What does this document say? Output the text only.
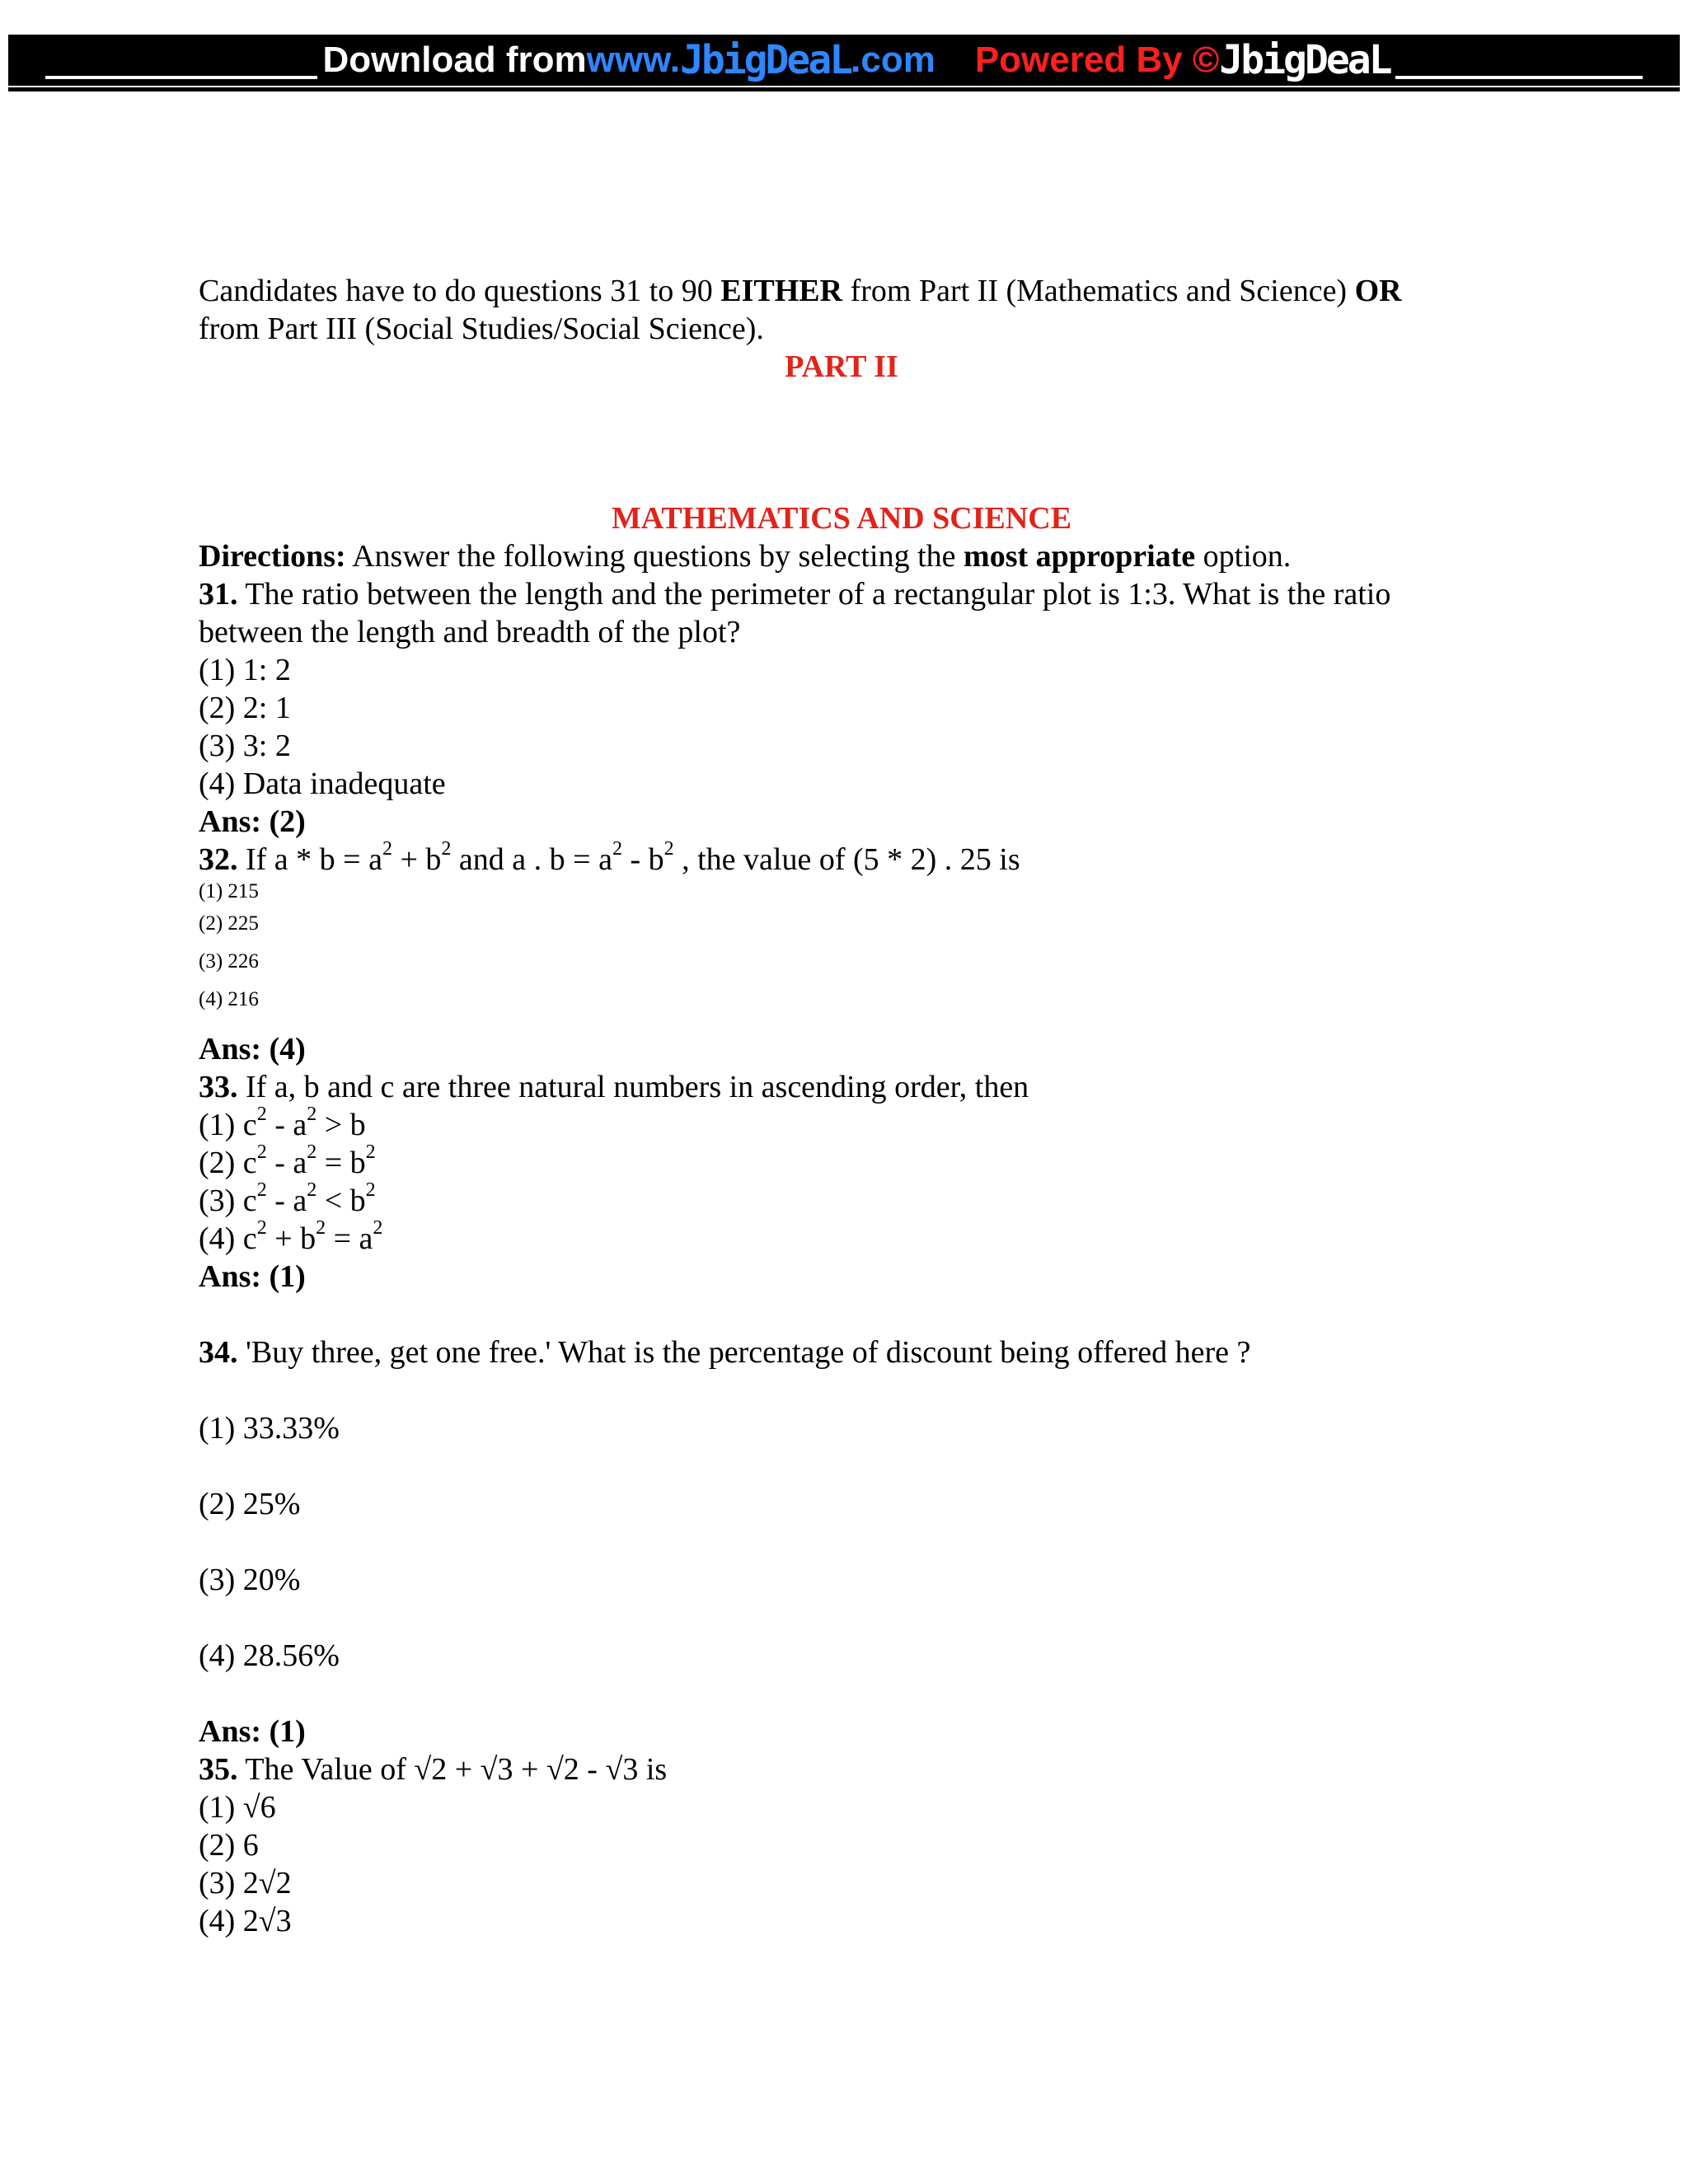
Download from www. JbigDeaL .com Powered By © JbigDeaL
Candidates have to do questions 31 to 90 EITHER from Part II (Mathematics and Science) OR
from Part III (Social Studies/Social Science).
PART II
MATHEMATICS AND SCIENCE
Directions: Answer the following questions by selecting the most appropriate option.
31. The ratio between the length and the perimeter of a rectangular plot is 1:3. What is the ratio
between the length and breadth of the plot?
(1) 1: 2
(2) 2: 1
(3) 3: 2
(4) Data inadequate
Ans: (2)
32. If $a * b = a^2 + b^2$ and a . $b = a^2 - b^2$ , the value of (5 * 2) . 25 is
(1) 215
(2) 225
(3) 226
(4) 216
Ans: (4)
33. If a, b and c are three natural numbers in ascending order, then
(1) $c^2 - a^2 > b$
(2) $c^2 - a^2 = b^2$
(3) $c^2 - a^2 < b^2$
(4) $c^2 + b^2 = a^2$
Ans: (1)
34. 'Buy three, get one free.' What is the percentage of discount being offered here ?
(1) 33.33%
(2) 25%
(3) 20%
(4) 28.56%
Ans: (1)
35. The Value of √2 + √3 + √2 - √3 is
(1) √6
(2) 6
(3) 2√2
(4) 2√3
